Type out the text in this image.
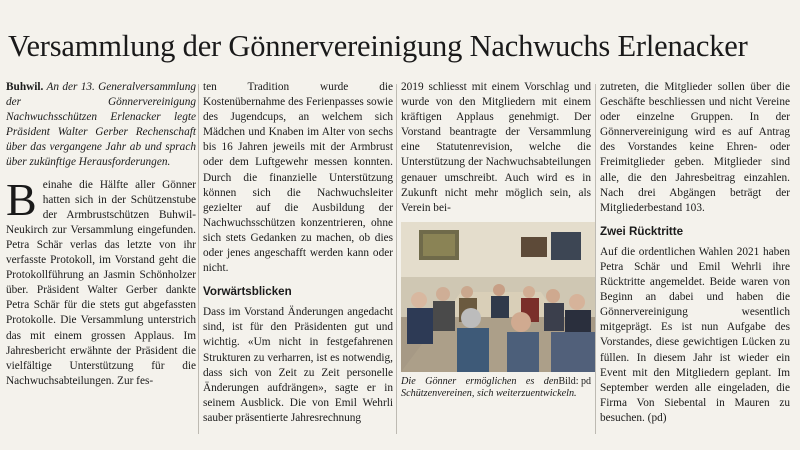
Versammlung der Gönnervereinigung Nachwuchs Erlenacker

Buhwil. An der 13. Generalversammlung der Gönnervereinigung Nachwuchsschützen Erlenacker legte Präsident Walter Gerber Rechenschaft über das vergangene Jahr ab und sprach über zukünftige Herausforderungen.

Beinahe die Hälfte aller Gönner hatten sich in der Schützenstube der Armbrustschützen Buhwil-Neukirch zur Versammlung eingefunden. Petra Schär verlas das letzte von ihr verfasste Protokoll, im Vorstand geht die Protokollführung an Jasmin Schönholzer über. Präsident Walter Gerber dankte Petra Schär für die stets gut abgefassten Protokolle. Die Versammlung unterstrich das mit einem grossen Applaus. Im Jahresbericht erwähnte der Präsident die vielfältige Unterstützung für die Nachwuchsabteilungen. Zur fes-

ten Tradition wurde die Kostenübernahme des Ferienpasses sowie des Jugendcups, an welchem sich Mädchen und Knaben im Alter von sechs bis 16 Jahren jeweils mit der Armbrust oder dem Luftgewehr messen konnten. Durch die finanzielle Unterstützung können sich die Nachwuchsleiter gezielter auf die Ausbildung der Nachwuchsschützen konzentrieren, ohne sich stets Gedanken zu machen, ob dies oder jenes angeschafft werden kann oder nicht.

Vorwärtsblicken

Dass im Vorstand Änderungen angedacht sind, ist für den Präsidenten gut und wichtig. «Um nicht in festgefahrenen Strukturen zu verharren, ist es notwendig, dass sich von Zeit zu Zeit personelle Änderungen aufdrängen», sagte er in seinem Ausblick. Die von Emil Wehrli sauber präsentierte Jahresrechnung

2019 schliesst mit einem Vorschlag und wurde von den Mitgliedern mit einem kräftigen Applaus genehmigt. Der Vorstand beantragte der Versammlung eine Statutenrevision, welche die Unterstützung der Nachwuchsabteilungen genauer umschreibt. Auch wird es in Zukunft nicht mehr möglich sein, als Verein bei-

Bild: pd
Die Gönner ermöglichen es den Schützenvereinen, sich weiterzuentwickeln.

zutreten, die Mitglieder sollen über die Geschäfte beschliessen und nicht Vereine oder einzelne Gruppen. In der Gönnervereinigung wird es auf Antrag des Vorstandes keine Ehren- oder Freimitglieder geben. Mitglieder sind alle, die den Jahresbeitrag einzahlen. Nach drei Abgängen beträgt der Mitgliederbestand 103.

Zwei Rücktritte

Auf die ordentlichen Wahlen 2021 haben Petra Schär und Emil Wehrli ihre Rücktritte angemeldet. Beide waren von Beginn an dabei und haben die Gönnervereinigung wesentlich mitgeprägt. Es ist nun Aufgabe des Vorstandes, diese gewichtigen Lücken zu füllen. In diesem Jahr ist wieder ein Event mit den Mitgliedern geplant. Im September werden alle eingeladen, die Firma Von Siebental in Mauren zu besuchen. (pd)
